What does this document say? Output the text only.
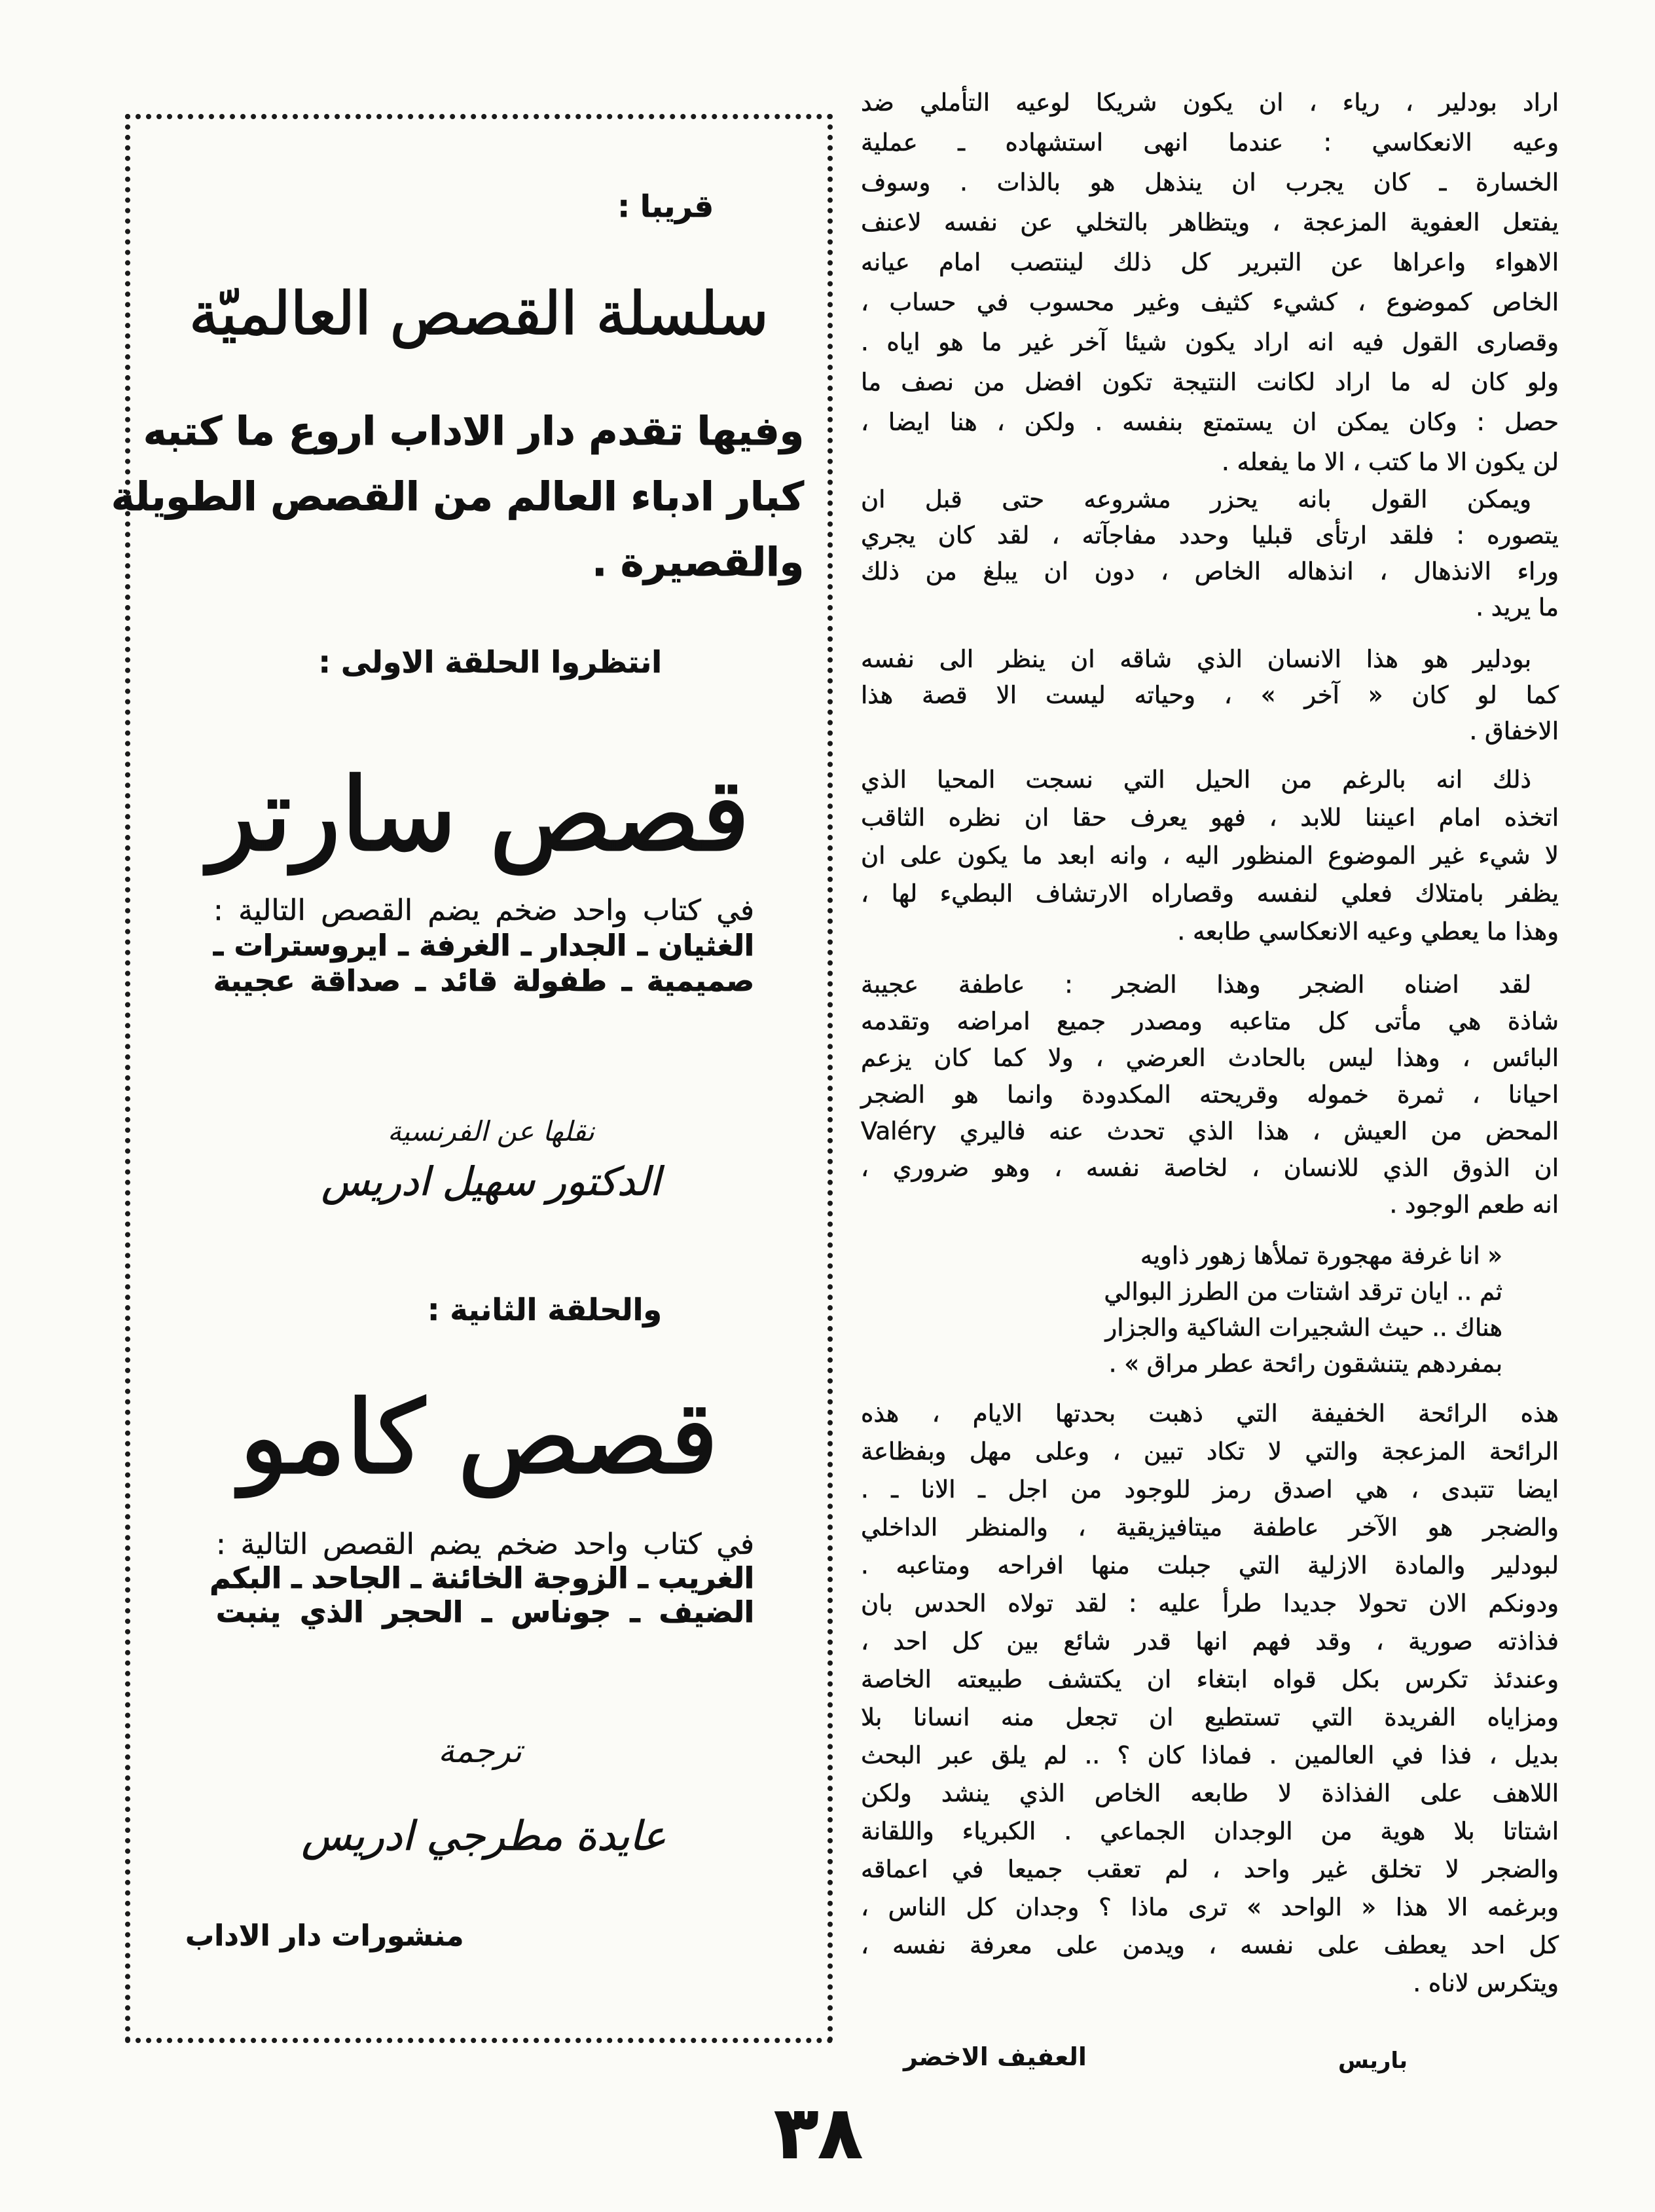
اراد بودلير ، رياء ، ان يكون شريكا لوعيه التأملي ضد
وعيه الانعكاسي : عندما انهى استشهاده ـ عملية
الخسارة ـ كان يجرب ان ينذهل هو بالذات . وسوف
يفتعل العفوية المزعجة ، ويتظاهر بالتخلي عن نفسه لاعنف
الاهواء واعراها عن التبرير كل ذلك لينتصب امام عيانه
الخاص كموضوع ، كشيء كثيف وغير محسوب في حساب ،
وقصارى القول فيه انه اراد يكون شيئا آخر غير ما هو اياه .
ولو كان له ما اراد لكانت النتيجة تكون افضل من نصف ما
حصل : وكان يمكن ان يستمتع بنفسه . ولكن ، هنا ايضا ،
لن يكون الا ما كتب ، الا ما يفعله .
ويمكن القول بانه يحزر مشروعه حتى قبل ان
يتصوره : فلقد ارتأى قبليا وحدد مفاجآته ، لقد كان يجري
وراء الانذهال ، انذهاله الخاص ، دون ان يبلغ من ذلك
ما يريد .
بودلير هو هذا الانسان الذي شاقه ان ينظر الى نفسه
كما لو كان « آخر » ، وحياته ليست الا قصة هذا
الاخفاق .
ذلك انه بالرغم من الحيل التي نسجت المحيا الذي
اتخذه امام اعيننا للابد ، فهو يعرف حقا ان نظره الثاقب
لا شيء غير الموضوع المنظور اليه ، وانه ابعد ما يكون على ان
يظفر بامتلاك فعلي لنفسه وقصاراه الارتشاف البطيء لها ،
وهذا ما يعطي وعيه الانعكاسي طابعه .
لقد اضناه الضجر وهذا الضجر : عاطفة عجيبة
شاذة هي مأتى كل متاعبه ومصدر جميع امراضه وتقدمه
البائس ، وهذا ليس بالحادث العرضي ، ولا كما كان يزعم
احيانا ، ثمرة خموله وقريحته المكدودة وانما هو الضجر
المحض من العيش ، هذا الذي تحدث عنه فاليري Valéry
ان الذوق الذي للانسان ، لخاصة نفسه ، وهو ضروري ،
انه طعم الوجود .
« انا غرفة مهجورة تملأها زهور ذاويه
ثم .. ايان ترقد اشتات من الطرز البوالي
هناك .. حيث الشجيرات الشاكية والجزار
بمفردهم يتنشقون رائحة عطر مراق » .
هذه الرائحة الخفيفة التي ذهبت بحدتها الايام ، هذه
الرائحة المزعجة والتي لا تكاد تبين ، وعلى مهل وبفظاعة
ايضا تتبدى ، هي اصدق رمز للوجود من اجل ـ الانا ـ .
والضجر هو الآخر عاطفة ميتافيزيقية ، والمنظر الداخلي
لبودلير والمادة الازلية التي جبلت منها افراحه ومتاعبه .
ودونكم الان تحولا جديدا طرأ عليه : لقد تولاه الحدس بان
فذاذته صورية ، وقد فهم انها قدر شائع بين كل احد ،
وعندئذ تكرس بكل قواه ابتغاء ان يكتشف طبيعته الخاصة
ومزاياه الفريدة التي تستطيع ان تجعل منه انسانا بلا
بديل ، فذا في العالمين . فماذا كان ؟ .. لم يلق عبر البحث
اللاهف على الفذاذة لا طابعه الخاص الذي ينشد ولكن
اشتاتا بلا هوية من الوجدان الجماعي . الكبرياء واللقانة
والضجر لا تخلق غير واحد ، لم تعقب جميعا في اعماقه
وبرغمه الا هذا « الواحد » ترى ماذا ؟ وجدان كل الناس ،
كل احد يعطف على نفسه ، ويدمن على معرفة نفسه ،
ويتكرس لاناه .
العفيف الاخضر	باريس
قريبا :
سلسلة القصص العالميّة
وفيها تقدم دار الاداب اروع ما كتبه
كبار ادباء العالم من القصص الطويلة
والقصيرة .
انتظروا الحلقة الاولى :
قصص سارتر
في كتاب واحد ضخم يضم القصص التالية :
الغثيان ـ الجدار ـ الغرفة ـ ايروسترات ـ
صميمية ـ طفولة قائد ـ صداقة عجيبة
نقلها عن الفرنسية
الدكتور سهيل ادريس
والحلقة الثانية :
قصص كامو
في كتاب واحد ضخم يضم القصص التالية :
الغريب ـ الزوجة الخائنة ـ الجاحد ـ البكم
الضيف ـ جوناس ـ الحجر الذي ينبت
ترجمة
عايدة مطرجي ادريس
منشورات دار الاداب
٣٨
